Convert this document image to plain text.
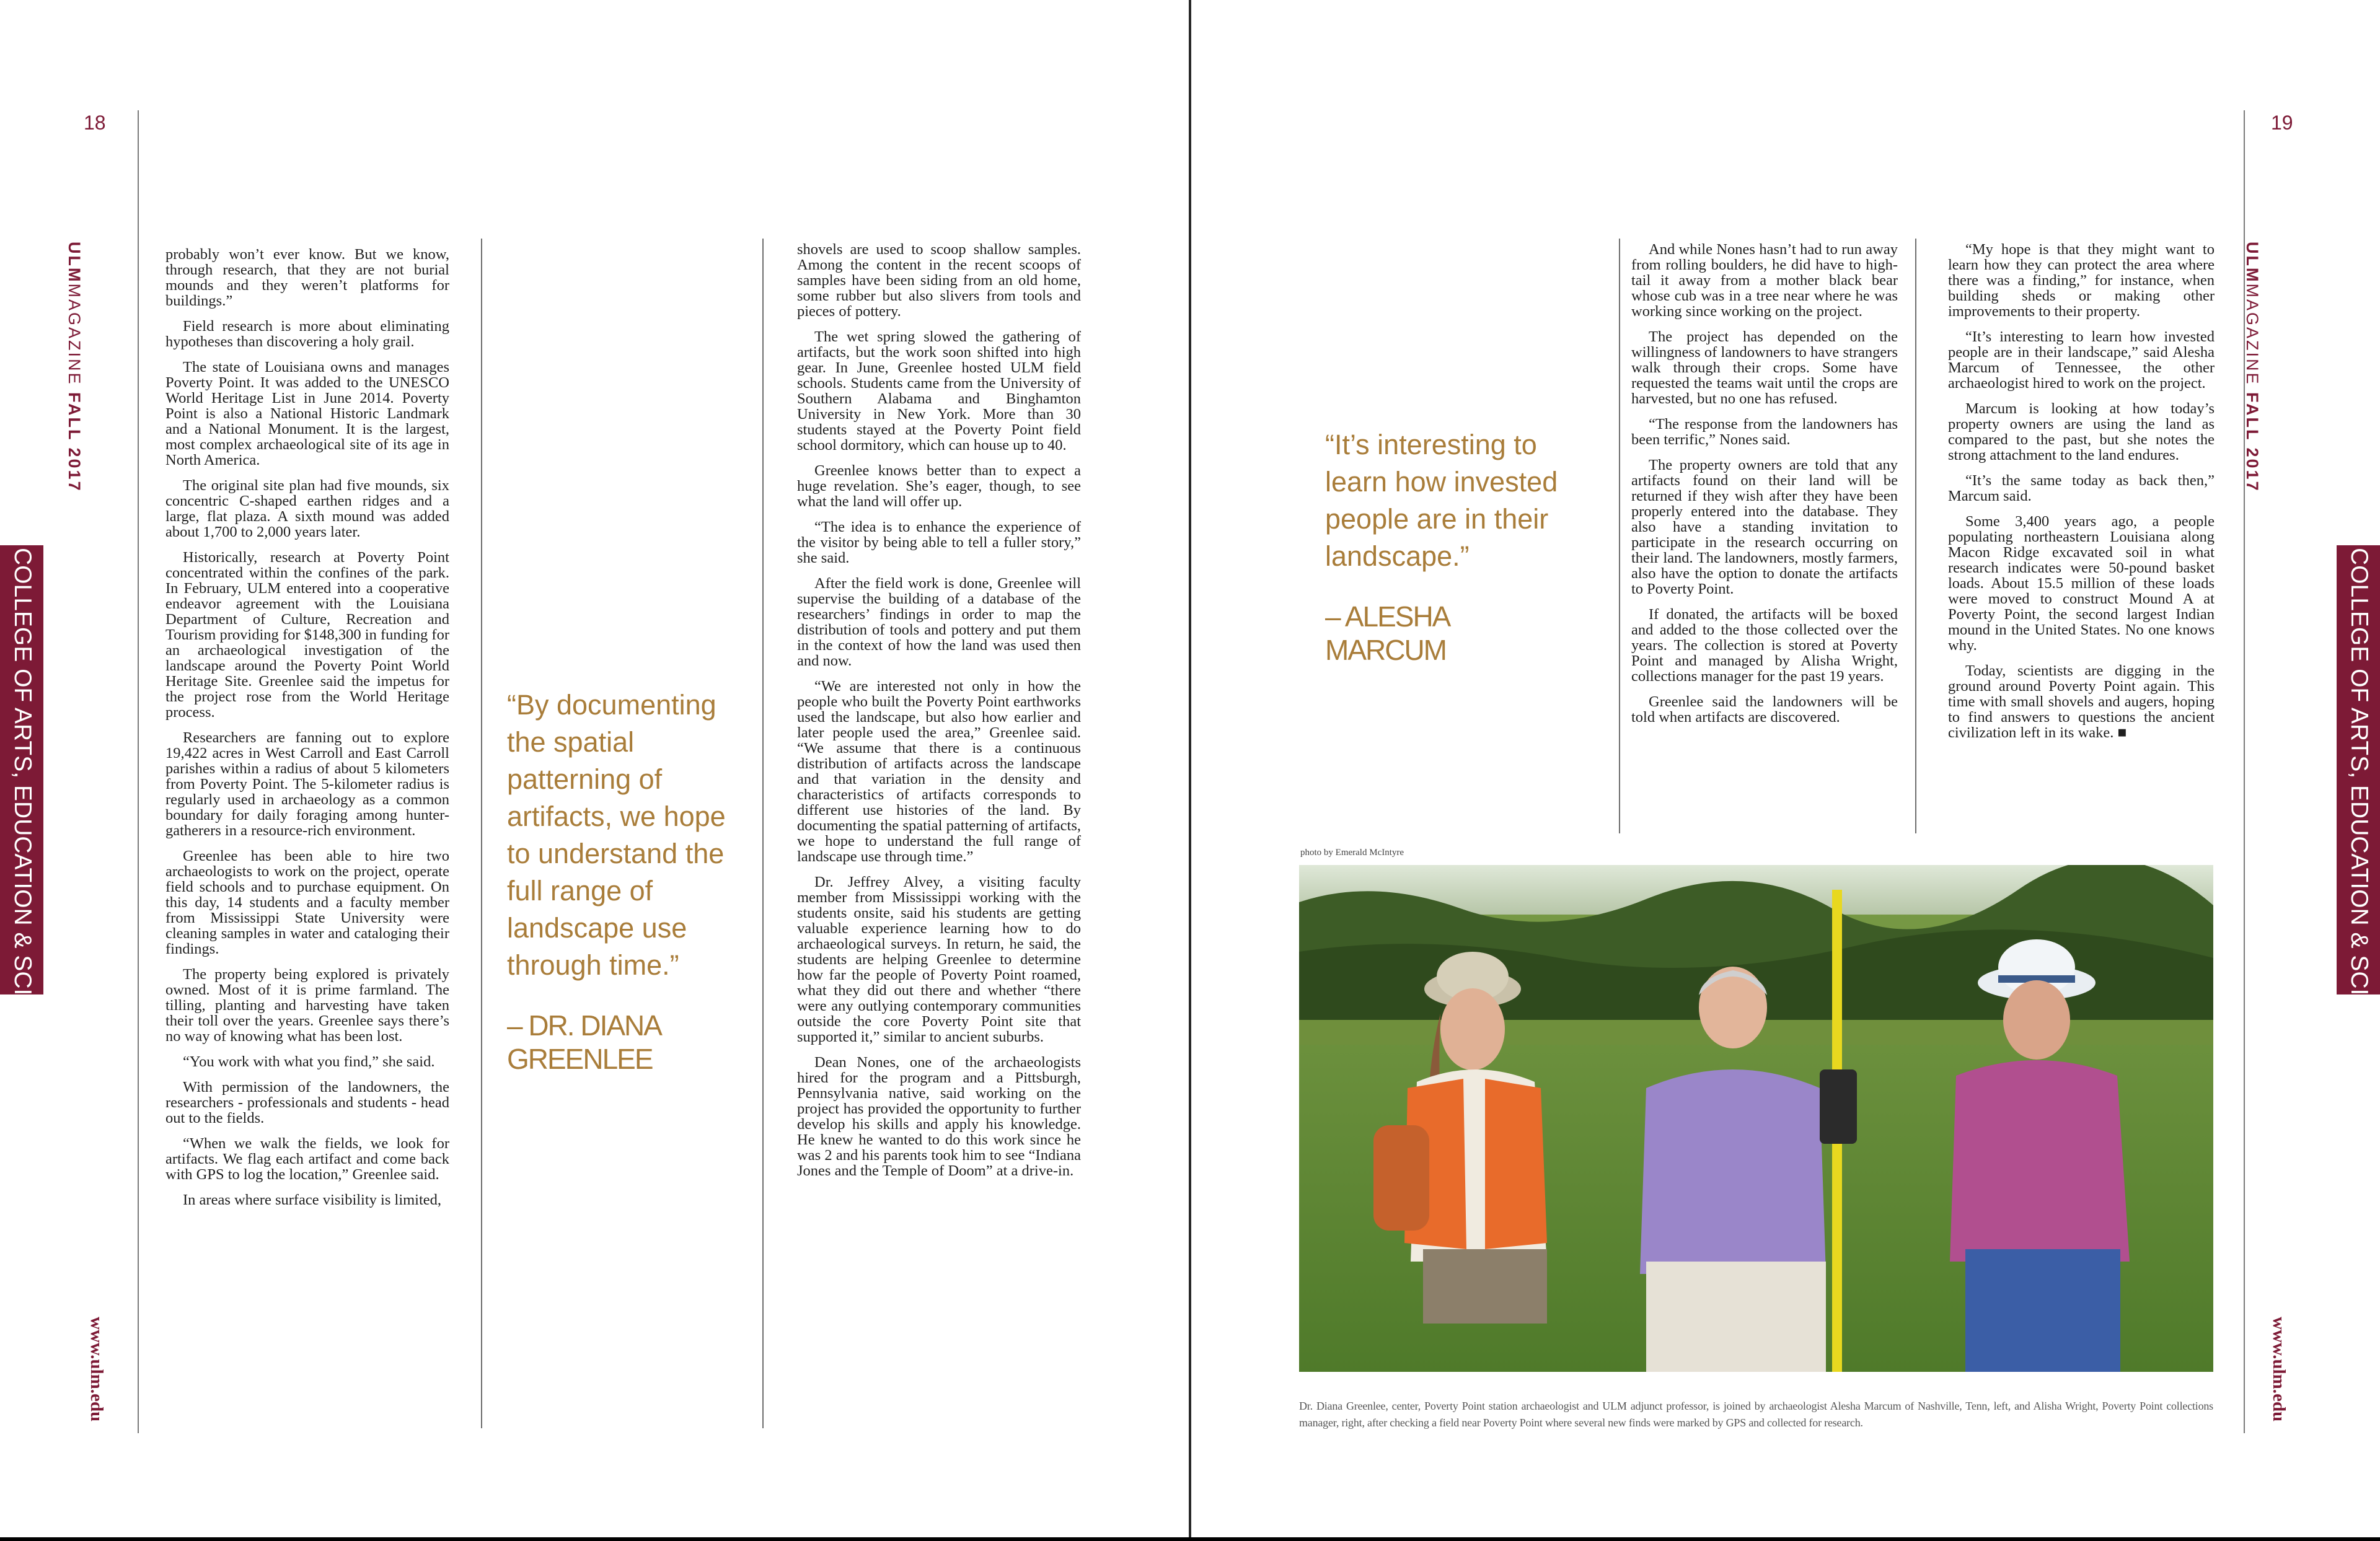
18
ULMMAGAZINE FALL 2017
COLLEGE OF ARTS, EDUCATION & SCIENCES
www.ulm.edu
19
ULMMAGAZINE FALL 2017
COLLEGE OF ARTS, EDUCATION & SCIENCES
www.ulm.edu

probably won’t ever know. But we know, through research, that they are not burial mounds and they weren’t platforms for buildings.”

Field research is more about eliminating hypotheses than discovering a holy grail.

The state of Louisiana owns and manages Poverty Point. It was added to the UNESCO World Heritage List in June 2014. Poverty Point is also a National Historic Landmark and a National Monument. It is the largest, most complex archaeological site of its age in North America.

The original site plan had five mounds, six concentric C-shaped earthen ridges and a large, flat plaza. A sixth mound was added about 1,700 to 2,000 years later.

Historically, research at Poverty Point concentrated within the confines of the park. In February, ULM entered into a cooperative endeavor agreement with the Louisiana Department of Culture, Recreation and Tourism providing for $148,300 in funding for an archaeological investigation of the landscape around the Poverty Point World Heritage Site. Greenlee said the impetus for the project rose from the World Heritage process.

Researchers are fanning out to explore 19,422 acres in West Carroll and East Carroll parishes within a radius of about 5 kilometers from Poverty Point. The 5-kilometer radius is regularly used in archaeology as a common boundary for daily foraging among hunter-gatherers in a resource-rich environment.

Greenlee has been able to hire two archaeologists to work on the project, operate field schools and to purchase equipment. On this day, 14 students and a faculty member from Mississippi State University were cleaning samples in water and cataloging their findings.

The property being explored is privately owned. Most of it is prime farmland. The tilling, planting and harvesting have taken their toll over the years. Greenlee says there’s no way of knowing what has been lost.

“You work with what you find,” she said.

With permission of the landowners, the researchers - professionals and students - head out to the fields.

“When we walk the fields, we look for artifacts. We flag each artifact and come back with GPS to log the location,” Greenlee said.

In areas where surface visibility is limited,

“By documenting the spatial patterning of artifacts, we hope to understand the full range of landscape use through time.”

– DR. DIANA GREENLEE

shovels are used to scoop shallow samples. Among the content in the recent scoops of samples have been siding from an old home, some rubber but also slivers from tools and pieces of pottery.

The wet spring slowed the gathering of artifacts, but the work soon shifted into high gear. In June, Greenlee hosted ULM field schools. Students came from the University of Southern Alabama and Binghamton University in New York. More than 30 students stayed at the Poverty Point field school dormitory, which can house up to 40.

Greenlee knows better than to expect a huge revelation. She’s eager, though, to see what the land will offer up.

“The idea is to enhance the experience of the visitor by being able to tell a fuller story,” she said.

After the field work is done, Greenlee will supervise the building of a database of the researchers’ findings in order to map the distribution of tools and pottery and put them in the context of how the land was used then and now.

“We are interested not only in how the people who built the Poverty Point earthworks used the landscape, but also how earlier and later people used the area,” Greenlee said. “We assume that there is a continuous distribution of artifacts across the landscape and that variation in the density and characteristics of artifacts corresponds to different use histories of the land. By documenting the spatial patterning of artifacts, we hope to understand the full range of landscape use through time.”

Dr. Jeffrey Alvey, a visiting faculty member from Mississippi working with the students onsite, said his students are getting valuable experience learning how to do archaeological surveys. In return, he said, the students are helping Greenlee to determine how far the people of Poverty Point roamed, what they did out there and whether “there were any outlying contemporary communities outside the core Poverty Point site that supported it,” similar to ancient suburbs.

Dean Nones, one of the archaeologists hired for the program and a Pittsburgh, Pennsylvania native, said working on the project has provided the opportunity to further develop his skills and apply his knowledge. He knew he wanted to do this work since he was 2 and his parents took him to see “Indiana Jones and the Temple of Doom” at a drive-in.

“It’s interesting to learn how invested people are in their landscape.”

– ALESHA MARCUM

And while Nones hasn’t had to run away from rolling boulders, he did have to high-tail it away from a mother black bear whose cub was in a tree near where he was working since working on the project.

The project has depended on the willingness of landowners to have strangers walk through their crops. Some have requested the teams wait until the crops are harvested, but no one has refused.

“The response from the landowners has been terrific,” Nones said.

The property owners are told that any artifacts found on their land will be returned if they wish after they have been properly entered into the database. They also have a standing invitation to participate in the research occurring on their land. The landowners, mostly farmers, also have the option to donate the artifacts to Poverty Point.

If donated, the artifacts will be boxed and added to the those collected over the years. The collection is stored at Poverty Point and managed by Alisha Wright, collections manager for the past 19 years.

Greenlee said the landowners will be told when artifacts are discovered.

“My hope is that they might want to learn how they can protect the area where there was a finding,” for instance, when building sheds or making other improvements to their property.

“It’s interesting to learn how invested people are in their landscape,” said Alesha Marcum of Tennessee, the other archaeologist hired to work on the project.

Marcum is looking at how today’s property owners are using the land as compared to the past, but she notes the strong attachment to the land endures.

“It’s the same today as back then,” Marcum said.

Some 3,400 years ago, a people populating northeastern Louisiana along Macon Ridge excavated soil in what research indicates were 50-pound basket loads. About 15.5 million of these loads were moved to construct Mound A at Poverty Point, the second largest Indian mound in the United States. No one knows why.

Today, scientists are digging in the ground around Poverty Point again. This time with small shovels and augers, hoping to find answers to questions the ancient civilization left in its wake. ■

photo by Emerald McIntyre
Dr. Diana Greenlee, center, Poverty Point station archaeologist and ULM adjunct professor, is joined by archaeologist Alesha Marcum of Nashville, Tenn, left, and Alisha Wright, Poverty Point collections manager, right, after checking a field near Poverty Point where several new finds were marked by GPS and collected for research.
